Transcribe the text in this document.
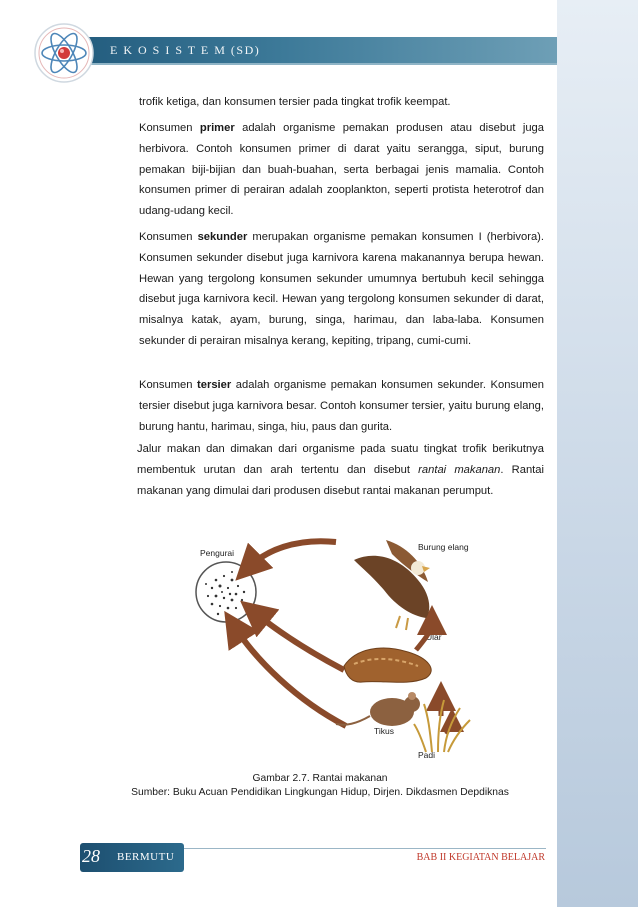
E K O S I S T E M (SD)

trofik ketiga, dan konsumen tersier pada tingkat trofik keempat.

Konsumen primer adalah organisme pemakan produsen atau disebut juga herbivora. Contoh konsumen primer di darat yaitu serangga, siput, burung pemakan biji-bijian dan buah-buahan, serta berbagai jenis mamalia. Contoh konsumen primer di perairan adalah zooplankton, seperti protista heterotrof dan udang-udang kecil.

Konsumen sekunder merupakan organisme pemakan konsumen I (herbivora). Konsumen sekunder disebut juga karnivora karena makanannya berupa hewan. Hewan yang tergolong konsumen sekunder umumnya bertubuh kecil sehingga disebut juga karnivora kecil. Hewan yang tergolong konsumen sekunder di darat, misalnya katak, ayam, burung, singa, harimau, dan laba-laba. Konsumen sekunder di perairan misalnya kerang, kepiting, tripang, cumi-cumi.

Konsumen tersier adalah organisme pemakan konsumen sekunder. Konsumen tersier disebut juga karnivora besar. Contoh konsumer tersier, yaitu burung elang, burung hantu, harimau, singa, hiu, paus dan gurita.

Jalur makan dan dimakan dari organisme pada suatu tingkat trofik berikutnya membentuk urutan dan arah tertentu dan disebut rantai makanan. Rantai makanan yang dimulai dari produsen disebut rantai makanan perumput.

Pengurai
Burung elang
Ular
Tikus
Padi
Gambar 2.7. Rantai makanan
Sumber: Buku Acuan Pendidikan Lingkungan Hidup, Dirjen. Dikdasmen Depdiknas
28 BERMUTU	BAB II KEGIATAN BELAJAR
